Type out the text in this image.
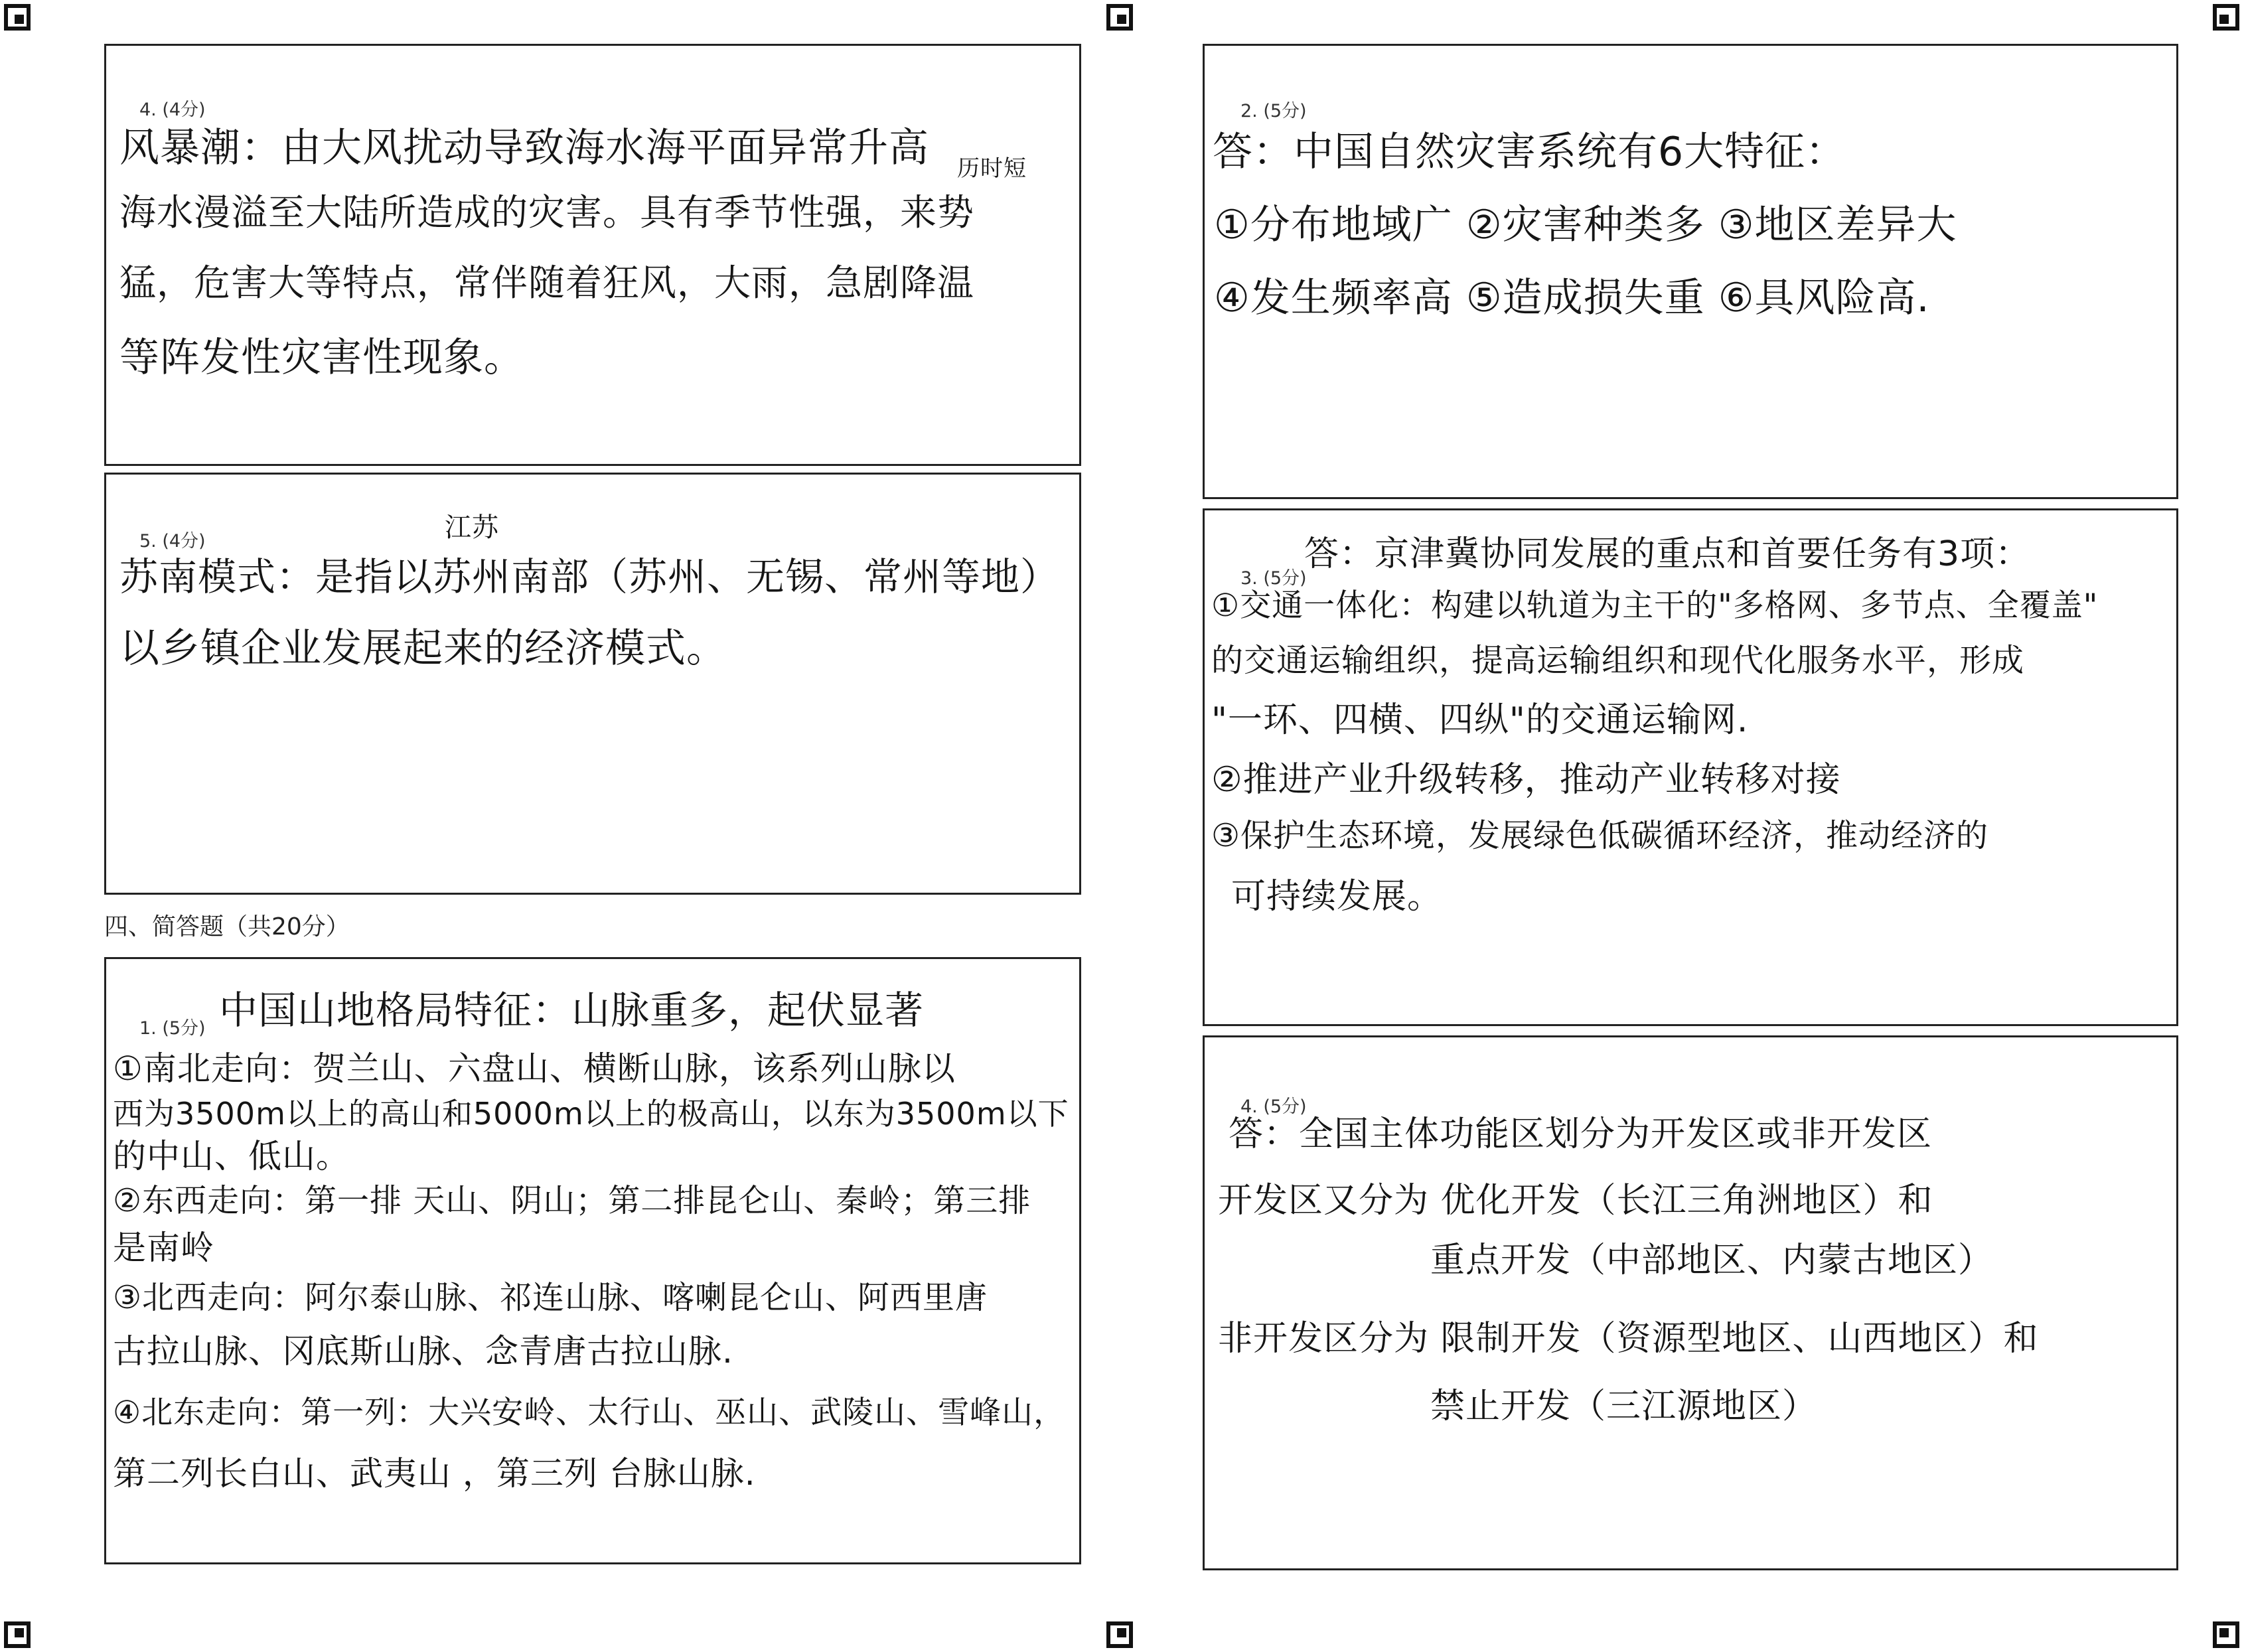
4. (4分)
历时短
风暴潮：由大风扰动导致海水海平面异常升高
海水漫溢至大陆所造成的灾害。具有季节性强，来势
猛，危害大等特点，常伴随着狂风，大雨，急剧降温
等阵发性灾害性现象。
5. (4分)	江苏
苏南模式：是指以苏州南部（苏州、无锡、常州等地）
以乡镇企业发展起来的经济模式。
四、简答题（共20分）
1. (5分) 中国山地格局特征：山脉重多，起伏显著
①南北走向：贺兰山、六盘山、横断山脉，该系列山脉以
西为3500m以上的高山和5000m以上的极高山，以东为3500m以下
的中山、低山。
②东西走向：第一排 天山、阴山；第二排昆仑山、秦岭；第三排
是南岭
③北西走向：阿尔泰山脉、祁连山脉、喀喇昆仑山、阿西里唐
古拉山脉、冈底斯山脉、念青唐古拉山脉.
④北东走向：第一列：大兴安岭、太行山、巫山、武陵山、雪峰山，
第二列长白山、武夷山 ，第三列 台脉山脉.
2. (5分)
答：中国自然灾害系统有6大特征：
①分布地域广 ②灾害种类多 ③地区差异大
④发生频率高 ⑤造成损失重 ⑥具风险高.
3. (5分)
答：京津冀协同发展的重点和首要任务有3项：
①交通一体化：构建以轨道为主干的"多格网、多节点、全覆盖"
的交通运输组织，提高运输组织和现代化服务水平，形成
"一环、四横、四纵"的交通运输网.
②推进产业升级转移，推动产业转移对接
③保护生态环境，发展绿色低碳循环经济，推动经济的
可持续发展。
4. (5分)
答：全国主体功能区划分为开发区或非开发区
开发区又分为 优化开发（长江三角洲地区）和
重点开发（中部地区、内蒙古地区）
非开发区分为 限制开发（资源型地区、山西地区）和
禁止开发（三江源地区）
